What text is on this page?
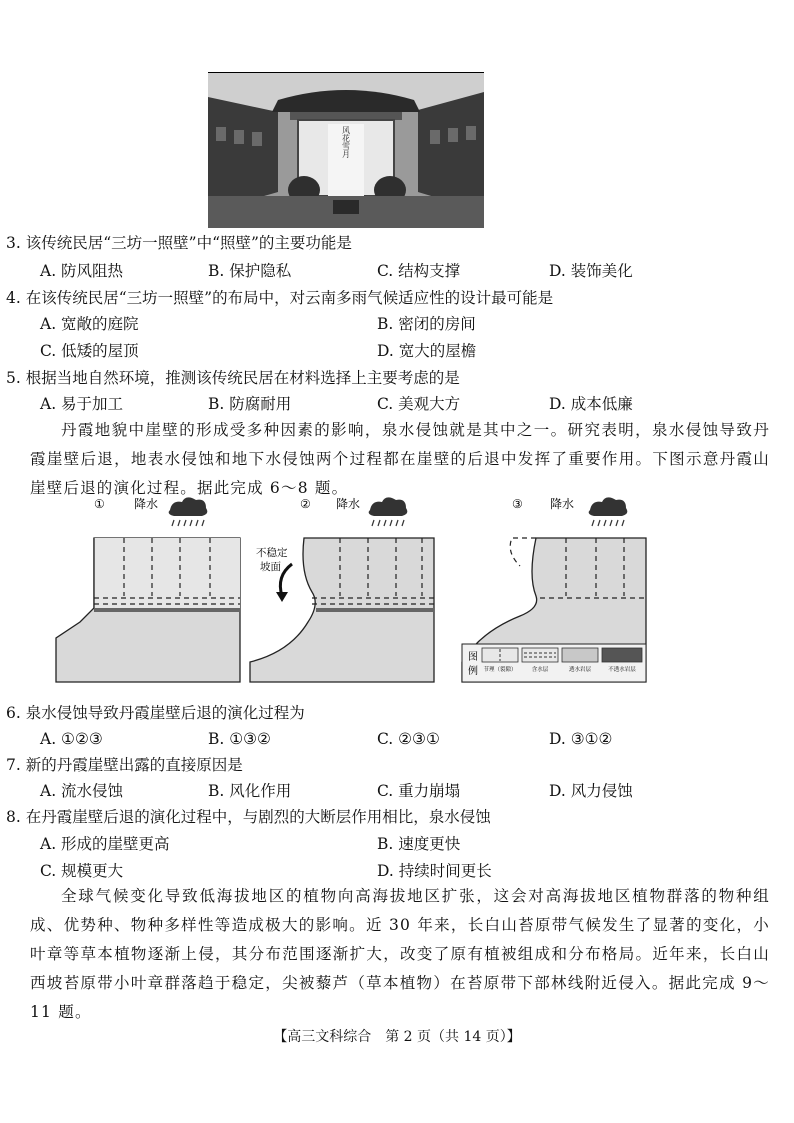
风花雪月
3. 该传统民居“三坊一照壁”中“照壁”的主要功能是
A. 防风阻热	B. 保护隐私	C. 结构支撑	D. 装饰美化
4. 在该传统民居“三坊一照壁”的布局中，对云南多雨气候适应性的设计最可能是
A. 宽敞的庭院	B. 密闭的房间
C. 低矮的屋顶	D. 宽大的屋檐
5. 根据当地自然环境，推测该传统民居在材料选择上主要考虑的是
A. 易于加工	B. 防腐耐用	C. 美观大方	D. 成本低廉
丹霞地貌中崖壁的形成受多种因素的影响，泉水侵蚀就是其中之一。研究表明，泉水侵蚀导致丹霞崖壁后退，地表水侵蚀和地下水侵蚀两个过程都在崖壁的后退中发挥了重要作用。下图示意丹霞山崖壁后退的演化过程。据此完成 6～8 题。
① 降水	② 降水
不稳定
坡面
③ 降水
图
例 节理（裂隙）	含水层	透水岩层	不透水岩层
6. 泉水侵蚀导致丹霞崖壁后退的演化过程为
A. ①②③	B. ①③②	C. ②③①	D. ③①②
7. 新的丹霞崖壁出露的直接原因是
A. 流水侵蚀	B. 风化作用	C. 重力崩塌	D. 风力侵蚀
8. 在丹霞崖壁后退的演化过程中，与剧烈的大断层作用相比，泉水侵蚀
A. 形成的崖壁更高	B. 速度更快
C. 规模更大	D. 持续时间更长
全球气候变化导致低海拔地区的植物向高海拔地区扩张，这会对高海拔地区植物群落的物种组成、优势种、物种多样性等造成极大的影响。近 30 年来，长白山苔原带气候发生了显著的变化，小叶章等草本植物逐渐上侵，其分布范围逐渐扩大，改变了原有植被组成和分布格局。近年来，长白山西坡苔原带小叶章群落趋于稳定，尖被藜芦（草本植物）在苔原带下部林线附近侵入。据此完成 9～11 题。
【高三文科综合　第 2 页（共 14 页）】
